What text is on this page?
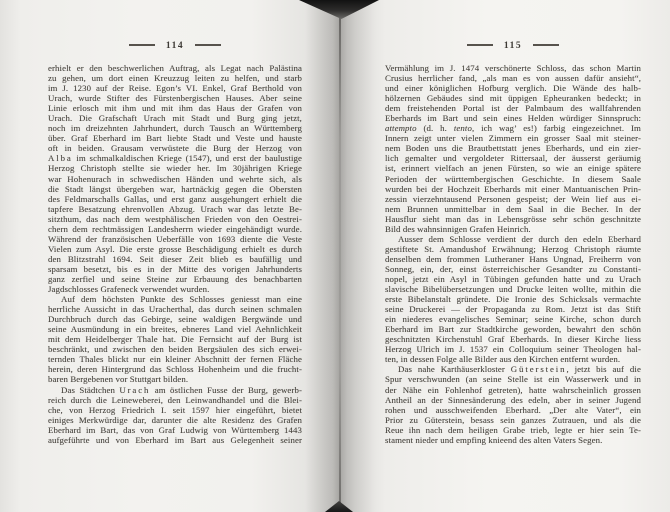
114
erhielt er den beschwerlichen Auftrag, als Legat nach Palästina
zu gehen, um dort einen Kreuzzug leiten zu helfen, und starb
im J. 1230 auf der Reise. Egon’s VI. Enkel, Graf Berthold von
Urach, wurde Stifter des Fürstenbergischen Hauses. Aber seine
Linie erlosch mit ihm und mit ihm das Haus der Grafen von
Urach. Die Grafschaft Urach mit Stadt und Burg ging jetzt,
noch im dreizehnten Jahrhundert, durch Tausch an Württemberg
über. Graf Eberhard im Bart liebte Stadt und Veste und hauste
oft in beiden. Grausam verwüstete die Burg der Herzog von
Alba im schmalkaldischen Kriege (1547), und erst der baulustige
Herzog Christoph stellte sie wieder her. Im 30jährigen Kriege
war Hohenurach in schwedischen Händen und wehrte sich, als
die Stadt längst übergeben war, hartnäckig gegen die Obersten
des Feldmarschalls Gallas, und erst ganz ausgehungert erhielt die
tapfere Besatzung ehrenvollen Abzug. Urach war das letzte Be-
sitzthum, das nach dem westphälischen Frieden von den Oestrei-
chern dem rechtmässigen Landesherrn wieder eingehändigt wurde.
Während der französischen Ueberfälle von 1693 diente die Veste
Vielen zum Asyl. Die erste grosse Beschädigung erhielt es durch
den Blitzstrahl 1694. Seit dieser Zeit blieb es baufällig und
sparsam besetzt, bis es in der Mitte des vorigen Jahrhunderts
ganz zerfiel und seine Steine zur Erbauung des benachbarten
Jagdschlosses Grafeneck verwendet wurden.
Auf dem höchsten Punkte des Schlosses geniesst man eine
herrliche Aussicht in das Uracherthal, das durch seinen schmalen
Durchbruch durch das Gebirge, seine waldigen Bergwände und
seine Ausmündung in ein breites, ebneres Land viel Aehnlichkeit
mit dem Heidelberger Thale hat. Die Fernsicht auf der Burg ist
beschränkt, und zwischen den beiden Bergsäulen des sich erwei-
ternden Thales blickt nur ein kleiner Abschnitt der fernen Fläche
herein, deren Hintergrund das Schloss Hohenheim und die frucht-
baren Bergebenen vor Stuttgart bilden.
Das Städtchen Urach am östlichen Fusse der Burg, gewerb-
reich durch die Leineweberei, den Leinwandhandel und die Blei-
che, von Herzog Friedrich I. seit 1597 hier eingeführt, bietet
einiges Merkwürdige dar, darunter die alte Residenz des Grafen
Eberhard im Bart, das von Graf Ludwig von Württemberg 1443
aufgeführte und von Eberhard im Bart aus Gelegenheit seiner
115
Vermählung im J. 1474 verschönerte Schloss, das schon Martin
Crusius herrlicher fand, „als man es von aussen dafür ansieht“,
und einer königlichen Hofburg verglich. Die Wände des halb-
hölzernen Gebäudes sind mit üppigen Epheuranken bedeckt; in
dem freistehenden Portal ist der Palmbaum des wallfahrenden
Eberhards im Bart und sein eines Helden würdiger Sinnspruch:
attempto (d. h. tento, ich wag’ es!) farbig eingezeichnet. Im
Innern zeigt unter vielen Zimmern ein grosser Saal mit steiner-
nem Boden uns die Brautbettstatt jenes Eberhards, und ein zier-
lich gemalter und vergoldeter Rittersaal, der äusserst geräumig
ist, erinnert vielfach an jenen Fürsten, so wie an einige spätere
Perioden der württembergischen Geschichte. In diesem Saale
wurden bei der Hochzeit Eberhards mit einer Mantuanischen Prin-
zessin vierzehntausend Personen gespeist; der Wein lief aus ei-
nem Brunnen unmittelbar in dem Saal in die Becher. In der
Hausflur sieht man das in Lebensgrösse sehr schön geschnitzte
Bild des wahnsinnigen Grafen Heinrich.
Ausser dem Schlosse verdient der durch den edeln Eberhard
gestiftete St. Amandushof Erwähnung; Herzog Christoph räumte
denselben dem frommen Lutheraner Hans Ungnad, Freiherrn von
Sonneg, ein, der, einst österreichischer Gesandter zu Constanti-
nopel, jetzt ein Asyl in Tübingen gefunden hatte und zu Urach
slavische Bibelübersetzungen und Drucke leiten wollte, mithin die
erste Bibelanstalt gründete. Die Ironie des Schicksals vermachte
seine Druckerei — der Propaganda zu Rom. Jetzt ist das Stift
ein niederes evangelisches Seminar; seine Kirche, schon durch
Eberhard im Bart zur Stadtkirche geworden, bewahrt den schön
geschnitzten Kirchenstuhl Graf Eberhards. In dieser Kirche liess
Herzog Ulrich im J. 1537 ein Colloquium seiner Theologen hal-
ten, in dessen Folge alle Bilder aus den Kirchen entfernt wurden.
Das nahe Karthäuserkloster Güterstein, jetzt bis auf die
Spur verschwunden (an seine Stelle ist ein Wasserwerk und in
der Nähe ein Fohlenhof getreten), hatte wahrscheinlich grossen
Antheil an der Sinnesänderung des edeln, aber in seiner Jugend
rohen und ausschweifenden Eberhard. „Der alte Vater“, ein
Prior zu Güterstein, besass sein ganzes Zutrauen, und als die
Reue ihn nach dem heiligen Grabe trieb, legte er hier sein Te-
stament nieder und empfing knieend des alten Vaters Segen.
